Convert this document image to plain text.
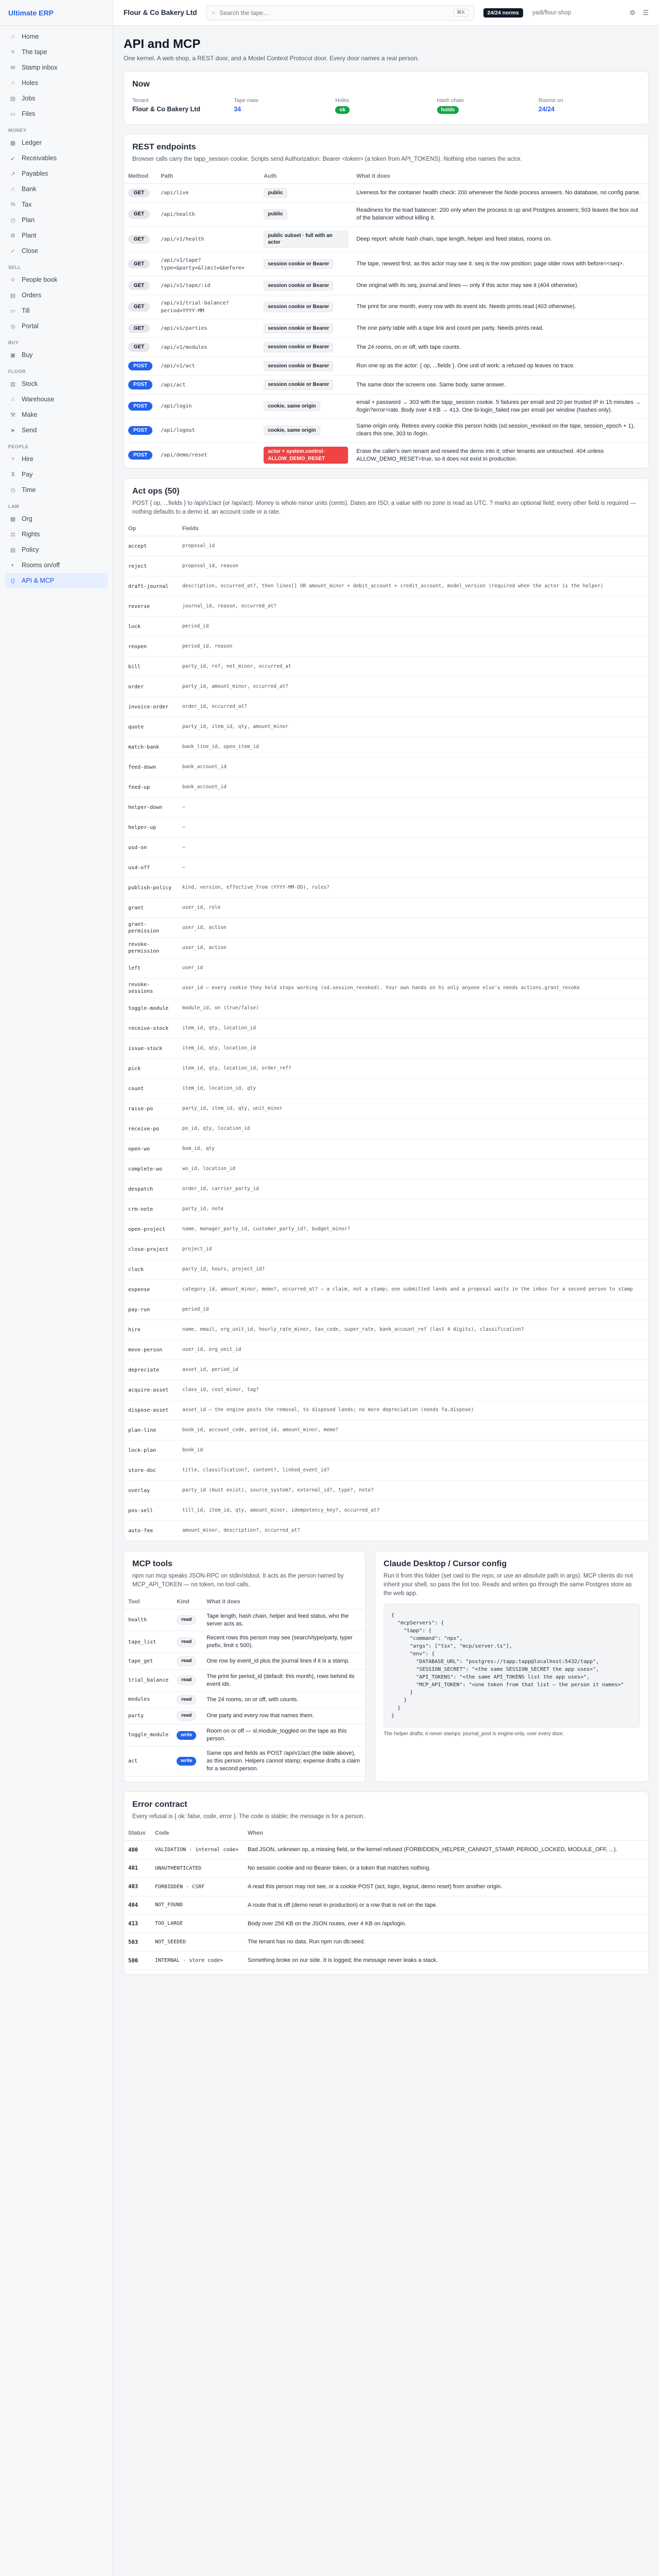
Ultimate ERP
⌂ Home
≡	The tape
✉ Stamp inbox
○ Holes
▤ Jobs
▭ Files
MONEY
▦ Ledger
↙ Receivables
↗ Payables
⌂ Bank
% Tax
◷ Plan
⚙ Plant
✓ Close
SELL
☺ People book
▤ Orders
▭ Till
◎ Portal
BUY
▣ Buy
FLOOR
▥ Stock
⌂ Warehouse
⚒ Make
➤ Send
PEOPLE
+	Hire
$	Pay
◷ Time
LAW
▦ Org
⚖ Rights
▤ Policy
◐ Rooms on/off
⟨⟩ API & MCP
Flour & Co Bakery Ltd ⌕
Search the tape...	⌘K	24/24 norms	yadi/flour-shop	⚙ ☰
API and MCP
One kernel. A web shop, a REST door, and a Model Context Protocol door. Every door names a real person.
Now
Tenant
Flour & Co Bakery Ltd
Tape rows
34
Holes
ok
Hash chain
holds
Rooms on
24/24
REST endpoints
Browser calls carry the tapp_session cookie. Scripts send Authorization: Bearer <token> (a token from API_TOKENS). Nothing else names the actor.
Method	Path	Auth	What it does
GET	/api/live	public	Liveness for the container health check: 200 whenever the Node process answers. No database, no config parse.
GET	/api/health	public	Readiness for the load balancer: 200 only when the process is up and Postgres answers; 503 leaves the box out of the balancer without killing it.
GET	/api/v1/health	public subset · full with an actor	Deep report: whole hash chain, tape length, helper and feed status, rooms on.
GET	/api/v1/tape?type=&party=&limit=&before=	session cookie or Bearer	The tape, newest first, as this actor may see it. seq is the row position; page older rows with before=<seq>.
GET	/api/v1/tape/:id	session cookie or Bearer	One original with its seq, journal and lines — only if this actor may see it (404 otherwise).
GET	/api/v1/trial-balance?period=YYYY-MM	session cookie or Bearer	The print for one month, every row with its event ids. Needs prints.read (403 otherwise).
GET	/api/v1/parties	session cookie or Bearer	The one party table with a tape link and count per party. Needs prints.read.
GET	/api/v1/modules	session cookie or Bearer	The 24 rooms, on or off, with tape counts.
POST	/api/v1/act	session cookie or Bearer	Run one op as the actor: { op, ...fields }. One unit of work; a refused op leaves no trace.
POST	/api/act	session cookie or Bearer	The same door the screens use. Same body, same answer.
POST	/api/login	cookie, same origin	email + password → 303 with the tapp_session cookie. 5 failures per email and 20 per trusted IP in 15 minutes → /login?error=rate. Body over 4 KB → 413. One bi-login_failed row per email per window (hashes only).
POST	/api/logout	cookie, same origin	Same-origin only. Retires every cookie this person holds (sd.session_revoked on the tape, session_epoch + 1), clears this one, 303 to /login.
POST	/api/demo/reset	actor + system.control · ALLOW_DEMO_RESET	Erase the caller's own tenant and reseed the demo into it; other tenants are untouched. 404 unless ALLOW_DEMO_RESET=true, so it does not exist in production.
Act ops (50)
POST { op, ...fields } to /api/v1/act (or /api/act). Money is whole minor units (cents). Dates are ISO; a value with no zone is read as UTC. ? marks an optional field; every other field is required — nothing defaults to a demo id, an account code or a rate.
Op	Fields
accept	proposal_id
reject	proposal_id, reason
draft-journal	description, occurred_at?, then lines[] OR amount_minor + debit_account + credit_account, model_version (required when the actor is the helper)
reverse	journal_id, reason, occurred_at?
lock	period_id
reopen	period_id, reason
bill	party_id, ref, net_minor, occurred_at
order	party_id, amount_minor, occurred_at?
invoice-order	order_id, occurred_at?
quote	party_id, item_id, qty, amount_minor
match-bank	bank_line_id, open_item_id
feed-down	bank_account_id
feed-up	bank_account_id
helper-down	—
helper-up	—
usd-on	—
usd-off	—
publish-policy	kind, version, effective_from (YYYY-MM-DD), rules?
grant	user_id, role
grant-permission	user_id, action
revoke-permission	user_id, action
left	user_id
revoke-sessions	user_id — every cookie they hold stops working (sd.session_revoked). Your own hands on hi only anyone else's needs actions.grant_revoke
toggle-module	module_id, on (true/false)
receive-stock	item_id, qty, location_id
issue-stock	item_id, qty, location_id
pick	item_id, qty, location_id, order_ref?
count	item_id, location_id, qty
raise-po	party_id, item_id, qty, unit_minor
receive-po	po_id, qty, location_id
open-wo	bom_id, qty
complete-wo	wo_id, location_id
despatch	order_id, carrier_party_id
crm-note	party_id, note
open-project	name, manager_party_id, customer_party_id?, budget_minor?
close-project	project_id
clock	party_id, hours, project_id?
expense	category_id, amount_minor, memo?, occurred_at? — a claim, not a stamp; one submitted lands and a proposal waits in the inbox for a second person to stamp
pay-run	period_id
hire	name, email, org_unit_id, hourly_rate_minor, tax_code, super_rate, bank_account_ref (last 4 digits), classification?
move-person	user_id, org_unit_id
depreciate	asset_id, period_id
acquire-asset	class_id, cost_minor, tag?
dispose-asset	asset_id — the engine posts the removal, to disposed lands; no more depreciation (needs fa.dispose)
plan-line	book_id, account_code, period_id, amount_minor, memo?
lock-plan	book_id
store-doc	title, classification?, content?, linked_event_id?
overlay	party_id (must exist), source_system?, external_id?, type?, note?
pos-sell	till_id, item_id, qty, amount_minor, idempotency_key?, occurred_at?
auto-fee	amount_minor, description?, occurred_at?
MCP tools
npm run mcp speaks JSON-RPC on stdin/stdout. It acts as the person named by MCP_API_TOKEN — no token, no tool calls.
Tool	Kind	What it does
health	read	Tape length, hash chain, helper and feed status, who the server acts as.
tape_list	read	Recent rows this person may see (search/type/party, typer prefix, limit ≤ 500).
tape_get	read	One row by event_id plus the journal lines if it is a stamp.
trial_balance	read	The print for period_id (default: this month), rows behind its event ids.
modules	read	The 24 rooms, on or off, with counts.
party	read	One party and every row that names them.
toggle_module	write	Room on or off — sl.module_toggled on the tape as this person.
act	write	Same ops and fields as POST /api/v1/act (the table above), as this person. Helpers cannot stamp; expense drafts a claim for a second person.
Claude Desktop / Cursor config
Run it from this folder (set cwd to the repo, or use an absolute path in args). MCP clients do not inherit your shell, so pass the list too. Reads and writes go through the same Postgres store as the web app.
{
"mcpServers": {
"tapp": {
"command": "npx",
"args": ["tsx", "mcp/server.ts"],
"env": {
"DATABASE_URL": "postgres://tapp:tapp@localhost:5432/tapp",
"SESSION_SECRET": "<the same SESSION_SECRET the app uses>",
"API_TOKENS": "<the same API_TOKENS list the app uses>",
"MCP_API_TOKEN": "<one token from that list — the person it names>"
}
}
}
}
The helper drafts; it never stamps: journal_post is engine-only, over every door.
Error contract
Every refusal is { ok: false, code, error }. The code is stable; the message is for a person.
Status	Code	When
400	VALIDATION · internal code>	Bad JSON, unknown op, a missing field, or the kernel refused (FORBIDDEN_HELPER_CANNOT_STAMP, PERIOD_LOCKED, MODULE_OFF, ...).
401	UNAUTHENTICATED	No session cookie and no Bearer token, or a token that matches nothing.
403	FORBIDDEN · CSRF	A read this person may not see, or a cookie POST (act, login, logout, demo reset) from another origin.
404	NOT_FOUND	A route that is off (demo reset in production) or a row that is not on the tape.
413	TOO_LARGE	Body over 256 KB on the JSON routes, over 4 KB on /api/login.
503	NOT_SEEDED	The tenant has no data. Run npm run db:seed.
500	INTERNAL · store code>	Something broke on our side. It is logged; the message never leaks a stack.
